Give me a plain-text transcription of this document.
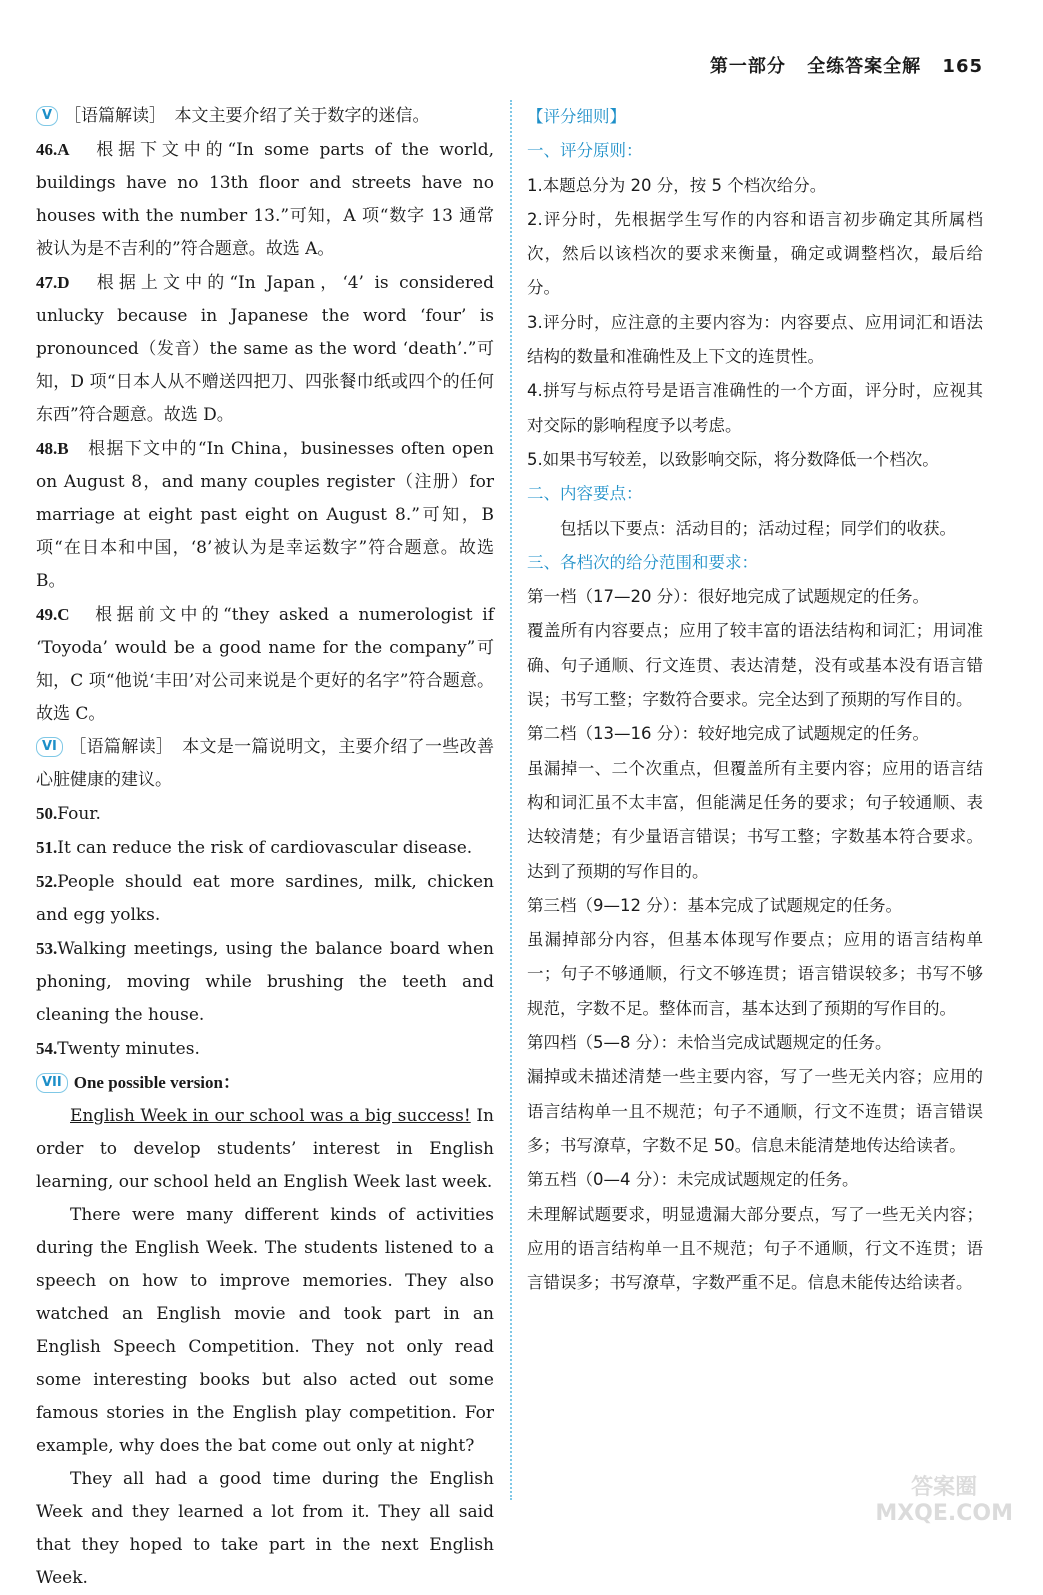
第一部分 全练答案全解 165

V ［语篇解读］　本文主要介绍了关于数字的迷信。

46.A　 根据下文中的“In some parts of the world, buildings have no 13th floor and streets have no houses with the number 13.”可知，A 项“数字 13 通常被认为是不吉利的”符合题意。故选 A。

47.D　 根据上文中的“In Japan，‘4’ is considered unlucky because in Japanese the word ‘four’ is pronounced（发音）the same as the word ‘death’.”可知，D 项“日本人从不赠送四把刀、四张餐巾纸或四个的任何东西”符合题意。故选 D。

48.B　 根据下文中的“In China，businesses often open on August 8，and many couples register（注册）for marriage at eight past eight on August 8.”可知，B 项“在日本和中国，‘8’被认为是幸运数字”符合题意。故选 B。

49.C　 根据前文中的“they asked a numerologist if ‘Toyoda’ would be a good name for the company”可知，C 项“他说‘丰田’对公司来说是个更好的名字”符合题意。故选 C。

VI ［语篇解读］　本文是一篇说明文，主要介绍了一些改善心脏健康的建议。

50.Four.

51.It can reduce the risk of cardiovascular disease.

52.People should eat more sardines, milk, chicken and egg yolks.

53.Walking meetings, using the balance board when phoning, moving while brushing the teeth and cleaning the house.

54.Twenty minutes.

VII One possible version：

English Week in our school was a big success! In order to develop students’ interest in English learning, our school held an English Week last week.

There were many different kinds of activities during the English Week. The students listened to a speech on how to improve memories. They also watched an English movie and took part in an English Speech Competition. They not only read some interesting books but also acted out some famous stories in the English play competition. For example, why does the bat come out only at night?

They all had a good time during the English Week and they learned a lot from it. They all said that they hoped to take part in the next English Week.

【评分细则】

一、评分原则：

1.本题总分为 20 分，按 5 个档次给分。

2.评分时，先根据学生写作的内容和语言初步确定其所属档次，然后以该档次的要求来衡量，确定或调整档次，最后给分。

3.评分时，应注意的主要内容为：内容要点、应用词汇和语法结构的数量和准确性及上下文的连贯性。

4.拼写与标点符号是语言准确性的一个方面，评分时，应视其对交际的影响程度予以考虑。

5.如果书写较差，以致影响交际，将分数降低一个档次。

二、内容要点：

包括以下要点：活动目的；活动过程；同学们的收获。

三、各档次的给分范围和要求：

第一档（17—20 分）：很好地完成了试题规定的任务。

覆盖所有内容要点；应用了较丰富的语法结构和词汇；用词准确、句子通顺、行文连贯、表达清楚，没有或基本没有语言错误；书写工整；字数符合要求。完全达到了预期的写作目的。

第二档（13—16 分）：较好地完成了试题规定的任务。

虽漏掉一、二个次重点，但覆盖所有主要内容；应用的语言结构和词汇虽不太丰富，但能满足任务的要求；句子较通顺、表达较清楚；有少量语言错误；书写工整；字数基本符合要求。达到了预期的写作目的。

第三档（9—12 分）：基本完成了试题规定的任务。

虽漏掉部分内容，但基本体现写作要点；应用的语言结构单一；句子不够通顺，行文不够连贯；语言错误较多；书写不够规范，字数不足。整体而言，基本达到了预期的写作目的。

第四档（5—8 分）：未恰当完成试题规定的任务。

漏掉或未描述清楚一些主要内容，写了一些无关内容；应用的语言结构单一且不规范；句子不通顺，行文不连贯；语言错误多；书写潦草，字数不足 50。信息未能清楚地传达给读者。

第五档（0—4 分）：未完成试题规定的任务。

未理解试题要求，明显遗漏大部分要点，写了一些无关内容；应用的语言结构单一且不规范；句子不通顺，行文不连贯；语言错误多；书写潦草，字数严重不足。信息未能传达给读者。

答案圈
MXQE.COM
